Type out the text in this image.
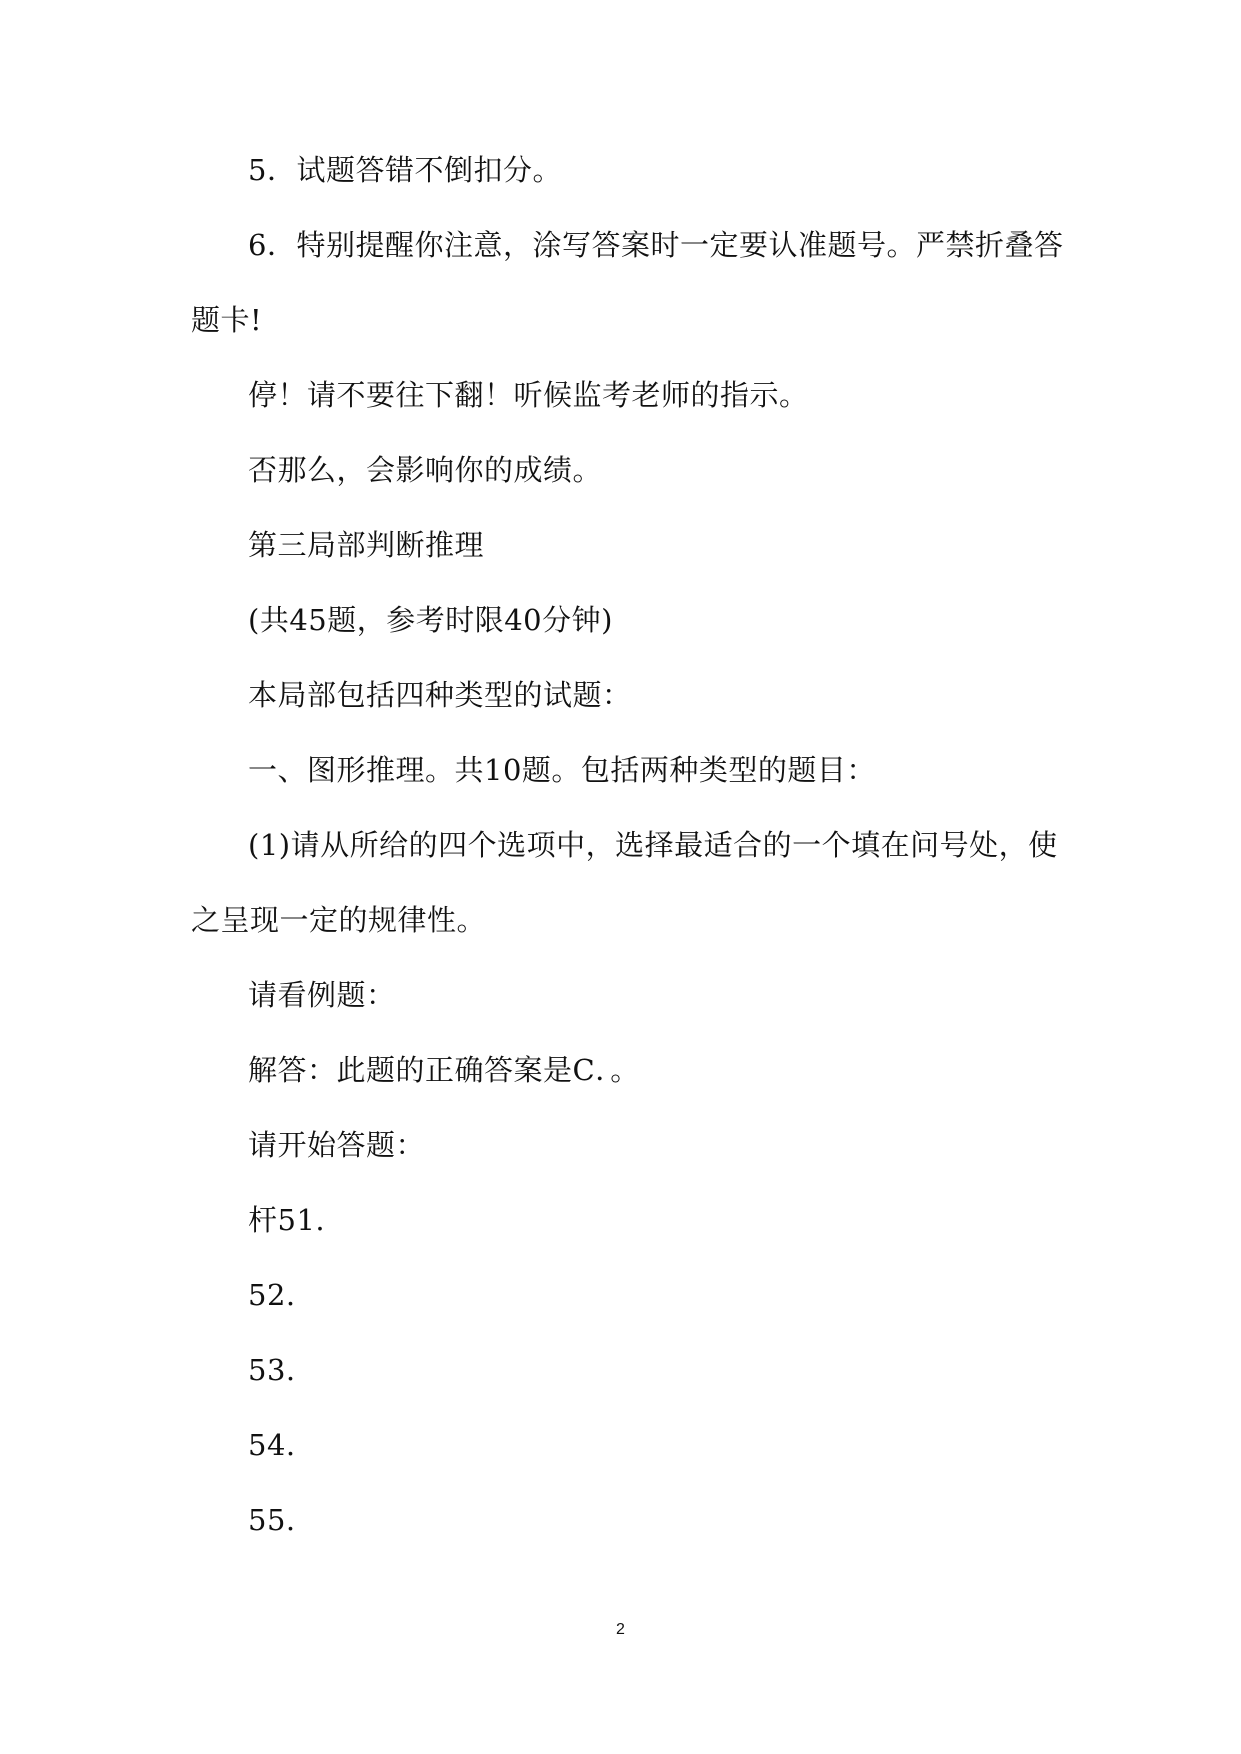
5．试题答错不倒扣分。
6．特别提醒你注意，涂写答案时一定要认准题号。严禁折叠答
题卡!
停！请不要往下翻！听候监考老师的指示。
否那么，会影响你的成绩。
第三局部判断推理
(共45题，参考时限40分钟)
本局部包括四种类型的试题：
一、图形推理。共10题。包括两种类型的题目：
(1)请从所给的四个选项中，选择最适合的一个填在问号处，使
之呈现一定的规律性。
请看例题：
解答：此题的正确答案是C．。
请开始答题：
杆51.
52.
53.
54.
55.
2
